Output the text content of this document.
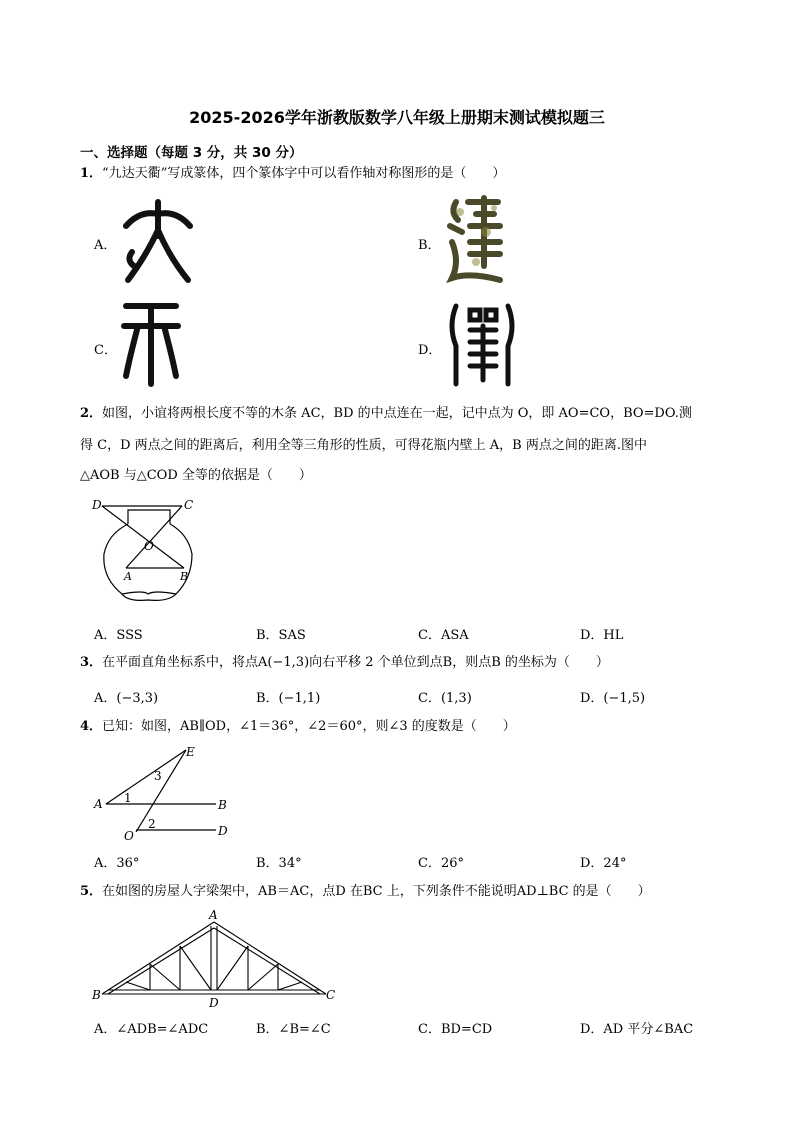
2025-2026学年浙教版数学八年级上册期末测试模拟题三
一、选择题（每题 3 分，共 30 分）
1．“九达天衢”写成篆体，四个篆体字中可以看作轴对称图形的是（　　）
A．	B．
C．	D．
2．如图，小谊将两根长度不等的木条 AC，BD 的中点连在一起，记中点为 O，即 AO=CO，BO=DO.测
得 C，D 两点之间的距离后，利用全等三角形的性质，可得花瓶内壁上 A，B 两点之间的距离.图中
△AOB 与△COD 全等的依据是（　　）
D	C
O
A	B
A．SSS	B．SAS	C．ASA	D．HL
3．在平面直角坐标系中，将点A(−1,3)向右平移 2 个单位到点B，则点B 的坐标为（　　）
A．(−3,3)	B．(−1,1)	C．(1,3)	D．(−1,5)
4．已知：如图，AB∥OD，∠1＝36°，∠2＝60°，则∠3 的度数是（　　）
E
3
A 1	B
O
2	D
A．36°	B．34°	C．26°	D．24°
5．在如图的房屋人字梁架中，AB＝AC，点D 在BC 上，下列条件不能说明AD⊥BC 的是（　　）
A
B
D
C
A．∠ADB=∠ADC	B．∠B=∠C	C．BD=CD	D．AD 平分∠BAC
